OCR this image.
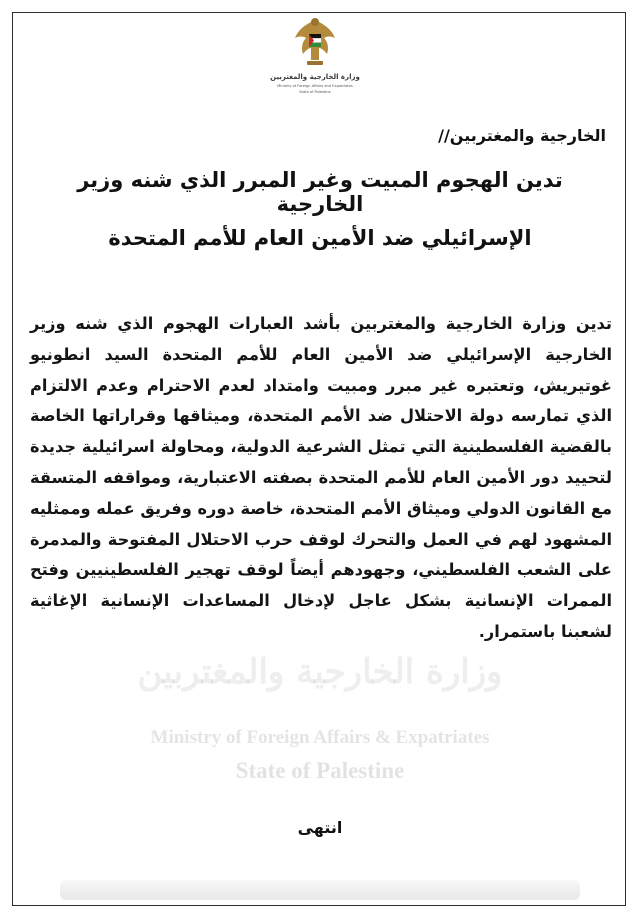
وزارة الخارجية والمغتربين
Ministry of Foreign Affairs and Expatriates
State of Palestine
الخارجية والمغتربين//
تدين الهجوم المبيت وغير المبرر الذي شنه وزير الخارجية
الإسرائيلي ضد الأمين العام للأمم المتحدة
وزارة الخارجية والمغتربين
Ministry of Foreign Affairs & Expatriates
State of Palestine
تدين وزارة الخارجية والمغتربين بأشد العبارات الهجوم الذي شنه وزير الخارجية الإسرائيلي ضد الأمين العام للأمم المتحدة السيد انطونيو غوتيريش، وتعتبره غير مبرر ومبيت وامتداد لعدم الاحترام وعدم الالتزام الذي تمارسه دولة الاحتلال ضد الأمم المتحدة، وميثاقها وقراراتها الخاصة بالقضية الفلسطينية التي تمثل الشرعية الدولية، ومحاولة اسرائيلية جديدة لتحييد دور الأمين العام للأمم المتحدة بصفته الاعتبارية، ومواقفه المتسقة مع القانون الدولي وميثاق الأمم المتحدة، خاصة دوره وفريق عمله وممثليه المشهود لهم في العمل والتحرك لوقف حرب الاحتلال المفتوحة والمدمرة على الشعب الفلسطيني، وجهودهم أيضاً لوقف تهجير الفلسطينيين وفتح الممرات الإنسانية بشكل عاجل لإدخال المساعدات الإنسانية الإغاثية لشعبنا باستمرار.
انتهى
